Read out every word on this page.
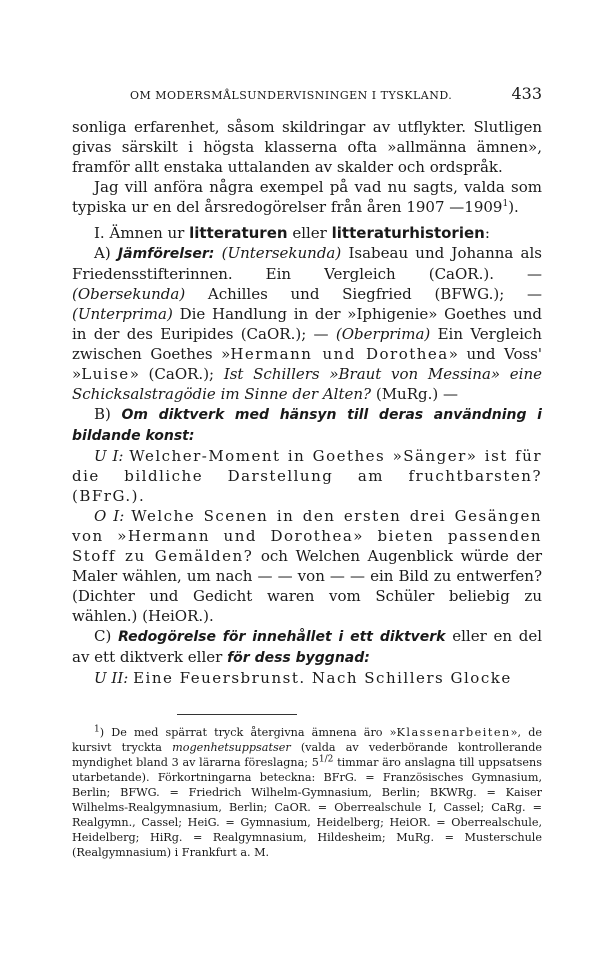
OM MODERSMÅLSUNDERVISNINGEN I TYSKLAND.	433

sonliga erfarenhet, såsom skildringar av utflykter. Slutligen givas särskilt i högsta klasserna ofta »allmänna ämnen», framför allt enstaka uttalanden av skalder och ordspråk.

Jag vill anföra några exempel på vad nu sagts, valda som typiska ur en del årsredogörelser från åren 1907 —1909$^1$).

I. Ämnen ur litteraturen eller litteraturhistorien:

A) Jämförelser: (Untersekunda) Isabeau und Johanna als Friedensstifterinnen. Ein Vergleich (CaOR.). — (Obersekunda) Achilles und Siegfried (BFWG.); — (Unterprima) Die Handlung in der »Iphigenie» Goethes und in der des Euripides (CaOR.); — (Oberprima) Ein Vergleich zwischen Goethes »Hermann und Dorothea» und Voss' »Luise» (CaOR.); Ist Schillers »Braut von Messina» eine Schicksalstragödie im Sinne der Alten? (MuRg.) —

B) Om diktverk med hänsyn till deras användning i bildande konst:

U I: Welcher-Moment in Goethes »Sänger» ist für die bildliche Darstellung am fruchtbarsten? (BFrG.).

O I: Welche Scenen in den ersten drei Gesängen von »Hermann und Dorothea» bieten passenden Stoff zu Gemälden? och Welchen Augenblick würde der Maler wählen, um nach — — von — — ein Bild zu entwerfen? (Dichter und Gedicht waren vom Schüler beliebig zu wählen.) (HeiOR.).

C) Redogörelse för innehållet i ett diktverk eller en del av ett diktverk eller för dess byggnad:

U II: Eine Feuersbrunst. Nach Schillers Glocke

$^1$) De med spärrat tryck återgivna ämnena äro »Klassenarbeiten», de kursivt tryckta mogenhetsuppsatser (valda av vederbörande kontrollerande myndighet bland 3 av lärarna föreslagna; $5^{1/2}$ timmar äro anslagna till uppsatsens utarbetande). Förkortningarna betecknа: BFrG. = Französisches Gymnasium, Berlin; BFWG. = Friedrich Wilhelm-Gymnasium, Berlin; BKWRg. = Kaiser Wilhelms-Realgymnasium, Berlin; CaOR. = Oberrealschule I, Cassel; CaRg. = Realgymn., Cassel; HeiG. = Gymnasium, Heidelberg; HeiOR. = Oberrealschule, Heidelberg; HiRg. = Realgymnasium, Hildesheim; MuRg. = Musterschule (Realgymnasium) i Frankfurt a. M.
